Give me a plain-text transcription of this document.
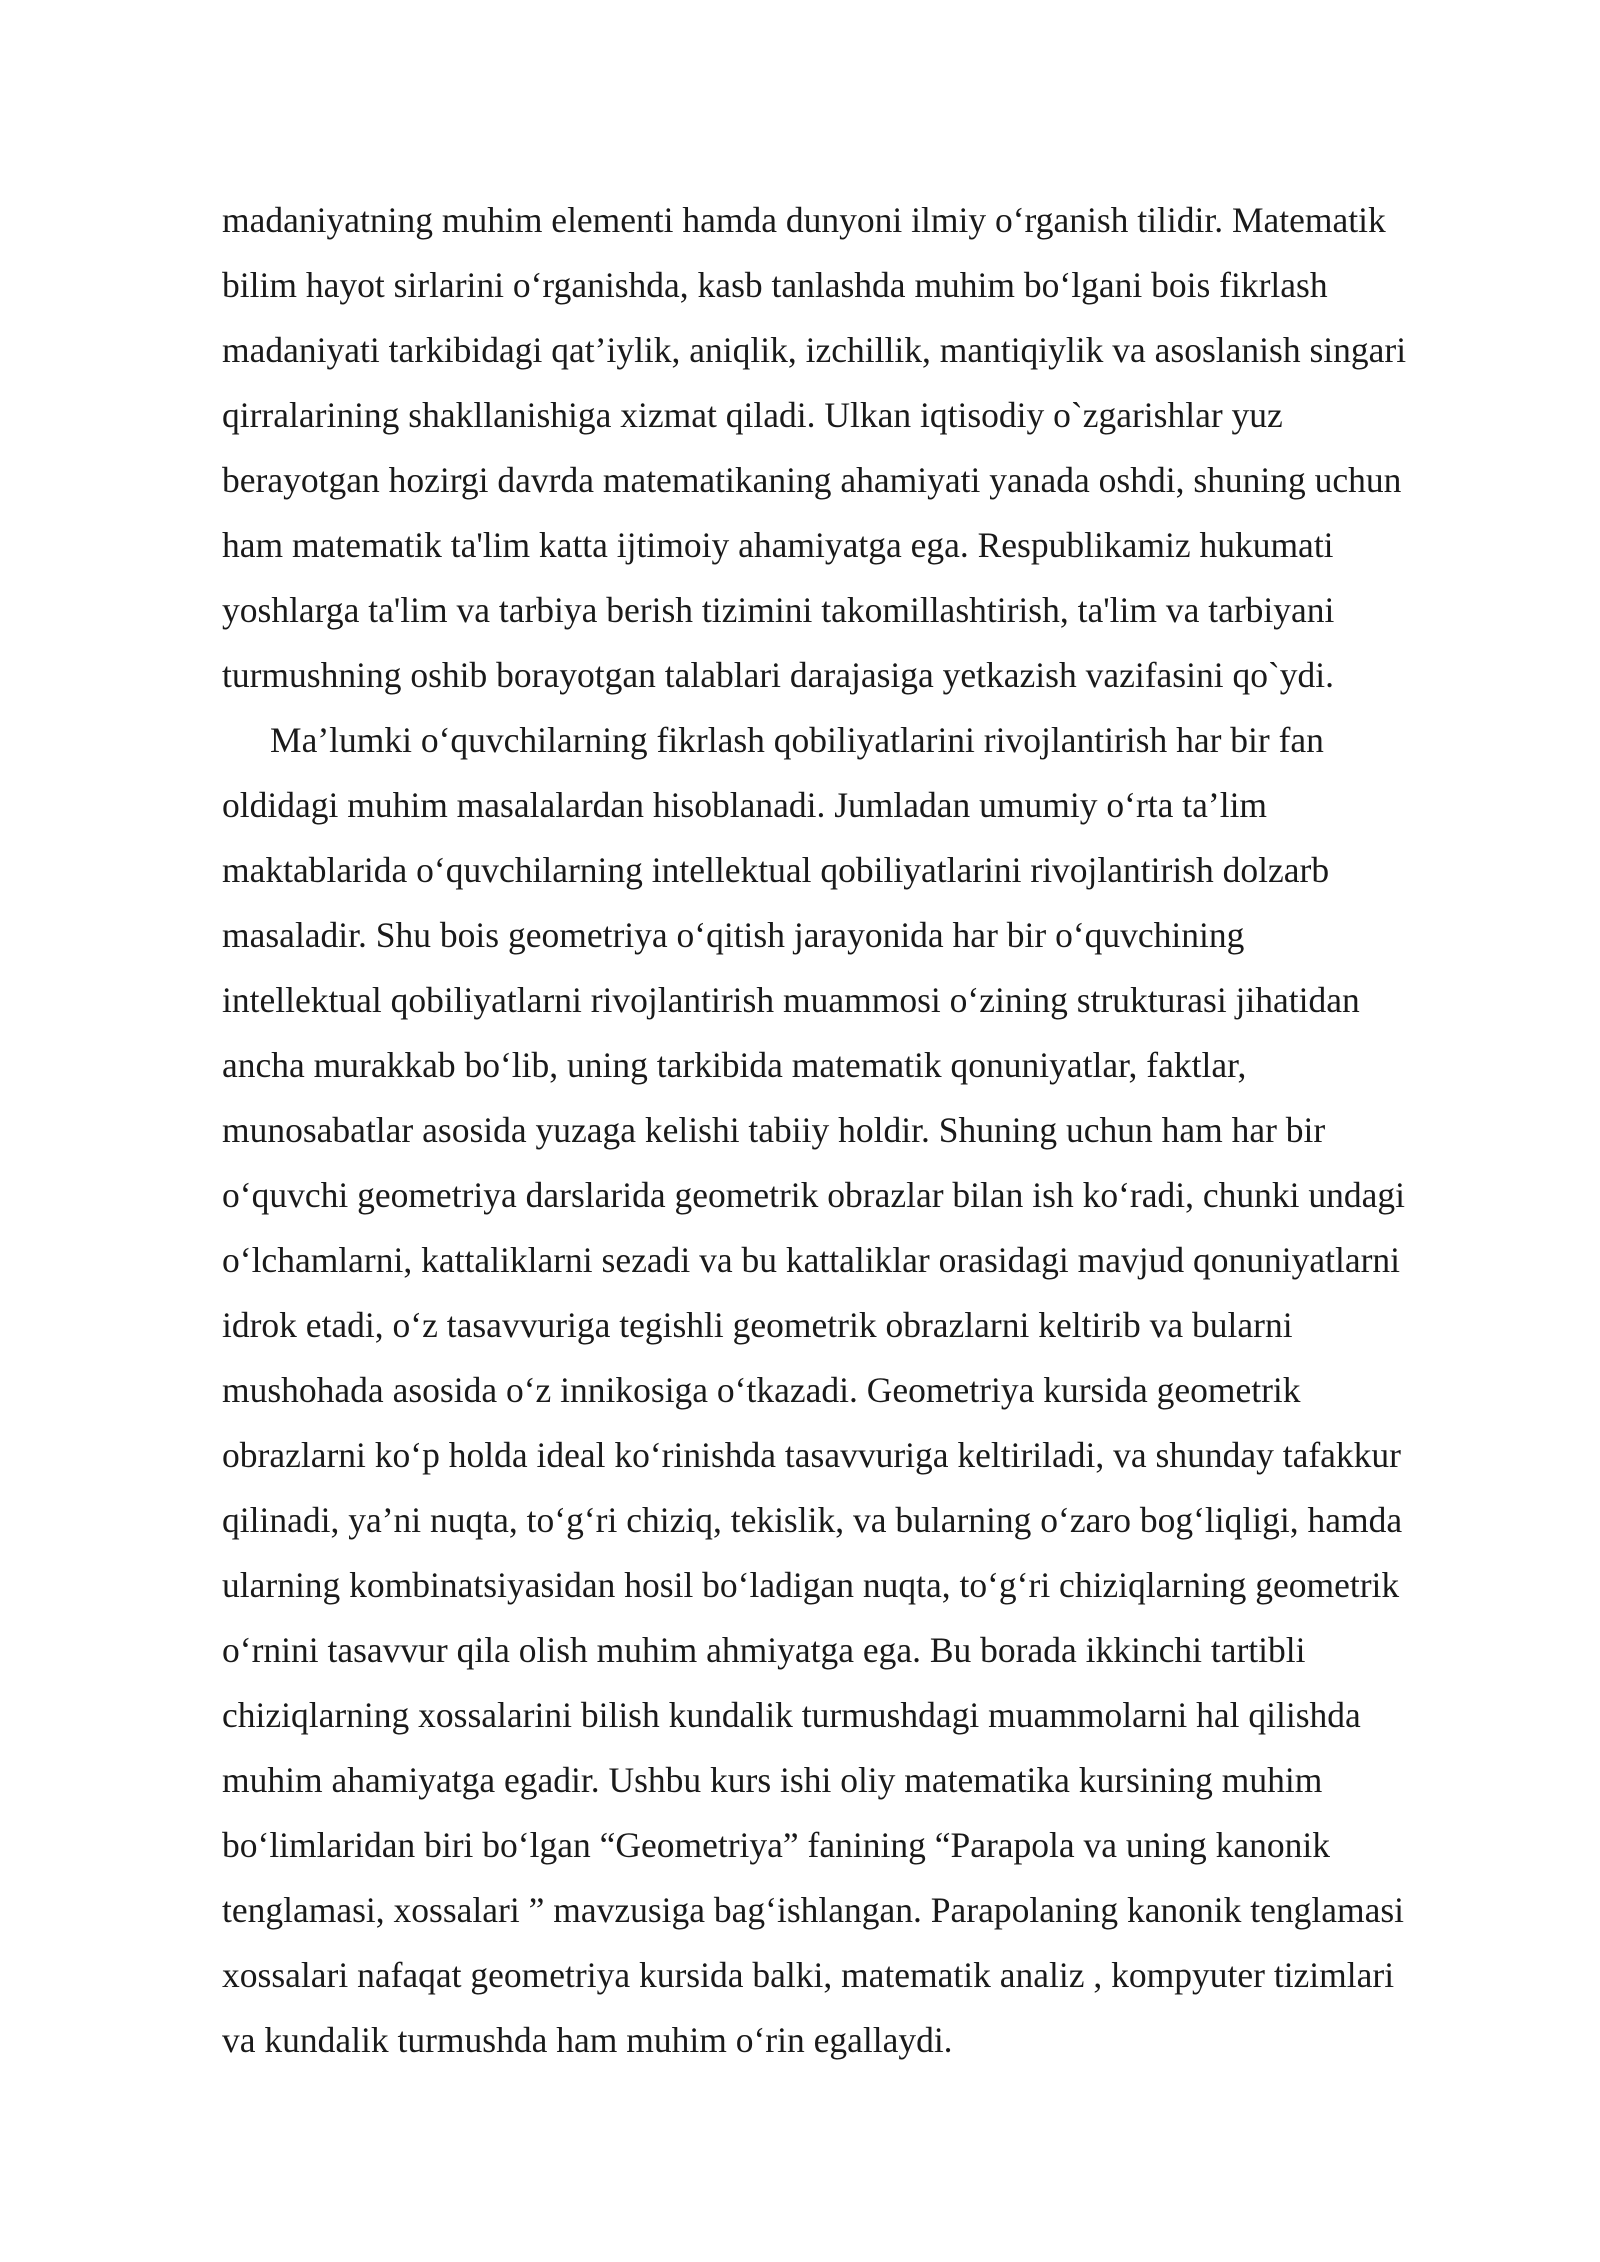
madaniyatning muhim elementi hamda dunyoni ilmiy o‘rganish tilidir. Matematik
bilim hayot sirlarini o‘rganishda, kasb tanlashda muhim bo‘lgani bois fikrlash
madaniyati tarkibidagi qat’iylik, aniqlik, izchillik, mantiqiylik va asoslanish singari
qirralarining shakllanishiga xizmat qiladi. Ulkan iqtisodiy o`zgarishlar yuz
berayotgan hozirgi davrda matematikaning ahamiyati yanada oshdi, shuning uchun
ham matematik ta'lim katta ijtimoiy ahamiyatga ega. Respublikamiz hukumati
yoshlarga ta'lim va tarbiya berish tizimini takomillashtirish, ta'lim va tarbiyani
turmushning oshib borayotgan talablari darajasiga yetkazish vazifasini qo`ydi.
Ma’lumki o‘quvchilarning fikrlash qobiliyatlarini rivojlantirish har bir fan
oldidagi muhim masalalardan hisoblanadi. Jumladan umumiy o‘rta ta’lim
maktablarida o‘quvchilarning intellektual qobiliyatlarini rivojlantirish dolzarb
masaladir. Shu bois geometriya o‘qitish jarayonida har bir o‘quvchining
intellektual qobiliyatlarni rivojlantirish muammosi o‘zining strukturasi jihatidan
ancha murakkab bo‘lib, uning tarkibida matematik qonuniyatlar, faktlar,
munosabatlar asosida yuzaga kelishi tabiiy holdir. Shuning uchun ham har bir
o‘quvchi geometriya darslarida geometrik obrazlar bilan ish ko‘radi, chunki undagi
o‘lchamlarni, kattaliklarni sezadi va bu kattaliklar orasidagi mavjud qonuniyatlarni
idrok etadi, o‘z tasavvuriga tegishli geometrik obrazlarni keltirib va bularni
mushohada asosida o‘z innikosiga o‘tkazadi. Geometriya kursida geometrik
obrazlarni ko‘p holda ideal ko‘rinishda tasavvuriga keltiriladi, va shunday tafakkur
qilinadi, ya’ni nuqta, to‘g‘ri chiziq, tekislik, va bularning o‘zaro bog‘liqligi, hamda
ularning kombinatsiyasidan hosil bo‘ladigan nuqta, to‘g‘ri chiziqlarning geometrik
o‘rnini tasavvur qila olish muhim ahmiyatga ega. Bu borada ikkinchi tartibli
chiziqlarning xossalarini bilish kundalik turmushdagi muammolarni hal qilishda
muhim ahamiyatga egadir. Ushbu kurs ishi oliy matematika kursining muhim
bo‘limlaridan biri bo‘lgan “Geometriya” fanining “Parapola va uning kanonik
tenglamasi, xossalari ” mavzusiga bag‘ishlangan. Parapolaning kanonik tenglamasi
xossalari nafaqat geometriya kursida balki, matematik analiz , kompyuter tizimlari
va kundalik turmushda ham muhim o‘rin egallaydi.
